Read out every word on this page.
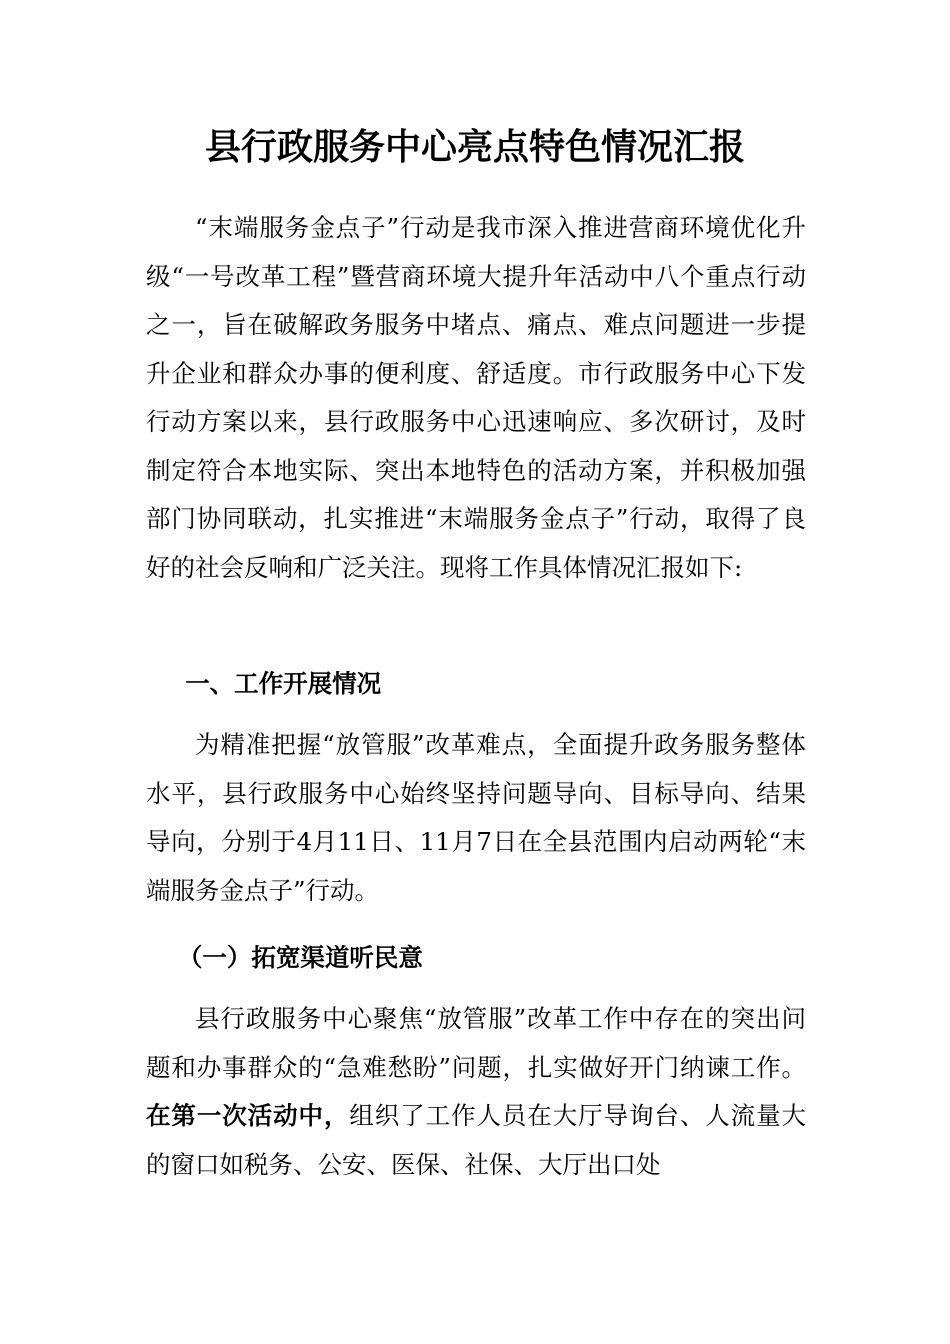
县行政服务中心亮点特色情况汇报

“末端服务金点子”行动是我市深入推进营商环境优化升级“一号改革工程”暨营商环境大提升年活动中八个重点行动之一，旨在破解政务服务中堵点、痛点、难点问题进一步提升企业和群众办事的便利度、舒适度。市行政服务中心下发行动方案以来，县行政服务中心迅速响应、多次研讨，及时制定符合本地实际、突出本地特色的活动方案，并积极加强部门协同联动，扎实推进“末端服务金点子”行动，取得了良好的社会反响和广泛关注。现将工作具体情况汇报如下:

一、工作开展情况

为精准把握“放管服”改革难点，全面提升政务服务整体水平，县行政服务中心始终坚持问题导向、目标导向、结果导向，分别于4月11日、11月7日在全县范围内启动两轮“末端服务金点子”行动。

（一）拓宽渠道听民意

县行政服务中心聚焦“放管服”改革工作中存在的突出问题和办事群众的“急难愁盼”问题，扎实做好开门纳谏工作。在第一次活动中，组织了工作人员在大厅导询台、人流量大的窗口如税务、公安、医保、社保、大厅出口处
